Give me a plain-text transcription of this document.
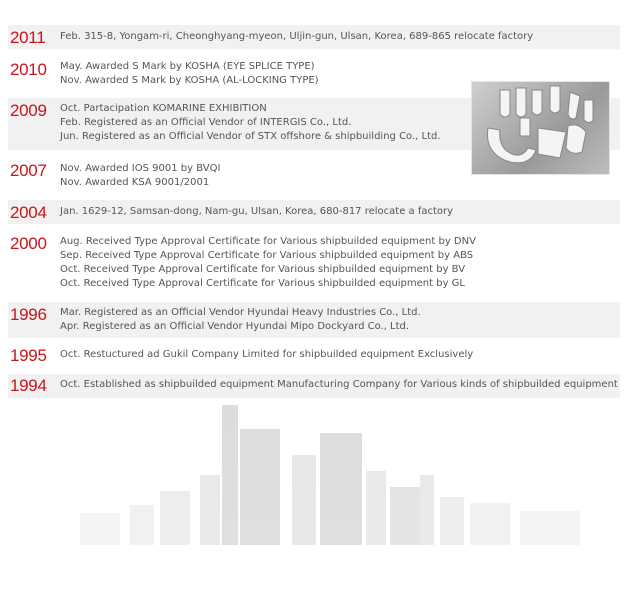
2011 Feb. 315-8, Yongam-ri, Cheonghyang-myeon, Uljin-gun, Ulsan, Korea, 689-865 relocate factory
2010 May. Awarded S Mark by KOSHA (EYE SPLICE TYPE)
Nov. Awarded S Mark by KOSHA (AL-LOCKING TYPE)
2009 Oct. Partacipation KOMARINE EXHIBITION
Feb. Registered as an Official Vendor of INTERGIS Co., Ltd.
Jun. Registered as an Official Vendor of STX offshore & shipbuilding Co., Ltd.
2007 Nov. Awarded IOS 9001 by BVQI
Nov. Awarded KSA 9001/2001
2004 Jan. 1629-12, Samsan-dong, Nam-gu, Ulsan, Korea, 680-817 relocate a factory
2000 Aug. Received Type Approval Certificate for Various shipbuilded equipment by DNV
Sep. Received Type Approval Certificate for Various shipbuilded equipment by ABS
Oct. Received Type Approval Certificate for Various shipbuilded equipment by BV
Oct. Received Type Approval Certificate for Various shipbuilded equipment by GL
1996 Mar. Registered as an Official Vendor Hyundai Heavy Industries Co., Ltd.
Apr. Registered as an Official Vendor Hyundai Mipo Dockyard Co., Ltd.
1995 Oct. Restuctured ad Gukil Company Limited for shipbuilded equipment Exclusively
1994 Oct. Established as shipbuilded equipment Manufacturing Company for Various kinds of shipbuilded equipment
